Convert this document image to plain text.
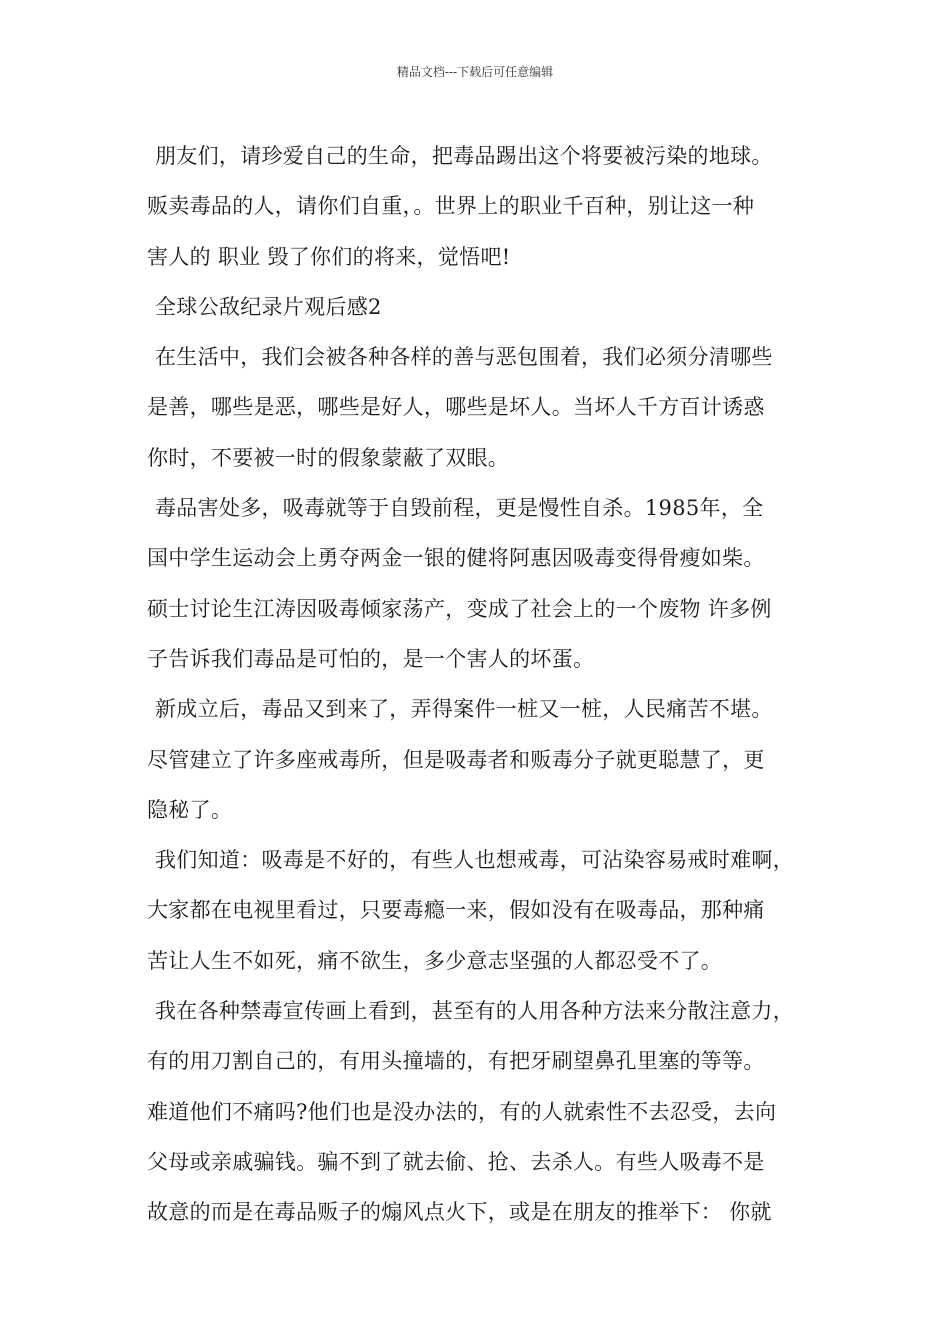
精品文档---下载后可任意编辑
朋友们，请珍爱自己的生命，把毒品踢出这个将要被污染的地球。
贩卖毒品的人，请你们自重，。世界上的职业千百种，别让这一种
害人的 职业 毁了你们的将来，觉悟吧!
全球公敌纪录片观后感2
在生活中，我们会被各种各样的善与恶包围着，我们必须分清哪些
是善，哪些是恶，哪些是好人，哪些是坏人。当坏人千方百计诱惑
你时，不要被一时的假象蒙蔽了双眼。
毒品害处多，吸毒就等于自毁前程，更是慢性自杀。1985年，全
国中学生运动会上勇夺两金一银的健将阿惠因吸毒变得骨瘦如柴。
硕士讨论生江涛因吸毒倾家荡产，变成了社会上的一个废物 许多例
子告诉我们毒品是可怕的，是一个害人的坏蛋。
新成立后，毒品又到来了，弄得案件一桩又一桩，人民痛苦不堪。
尽管建立了许多座戒毒所，但是吸毒者和贩毒分子就更聪慧了，更
隐秘了。
我们知道：吸毒是不好的，有些人也想戒毒，可沾染容易戒时难啊，
大家都在电视里看过，只要毒瘾一来，假如没有在吸毒品，那种痛
苦让人生不如死，痛不欲生，多少意志坚强的人都忍受不了。
我在各种禁毒宣传画上看到，甚至有的人用各种方法来分散注意力，
有的用刀割自己的，有用头撞墙的，有把牙刷望鼻孔里塞的等等。
难道他们不痛吗?他们也是没办法的，有的人就索性不去忍受，去向
父母或亲戚骗钱。骗不到了就去偷、抢、去杀人。有些人吸毒不是
故意的而是在毒品贩子的煽风点火下，或是在朋友的推举下： 你就
